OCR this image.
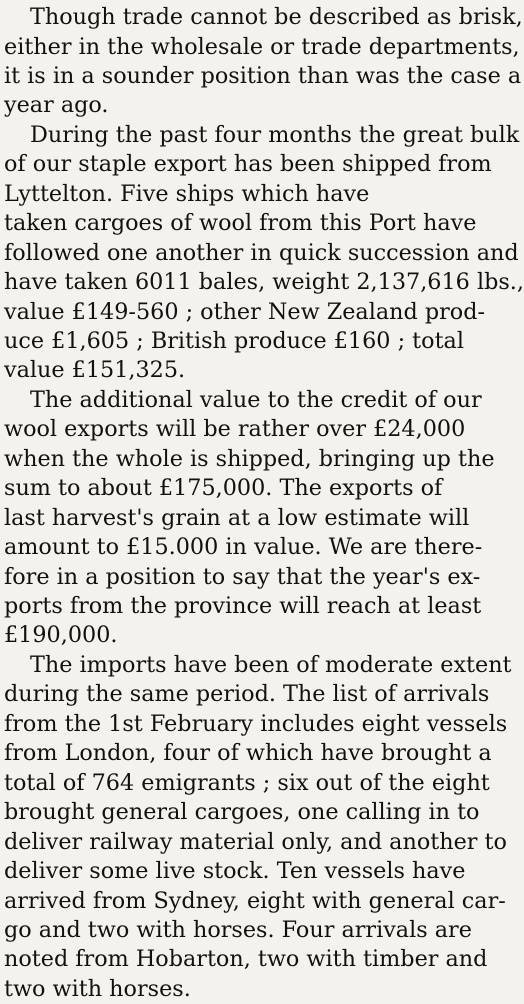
Though trade cannot be described as brisk,
either in the wholesale or trade departments,
it is in a sounder position than was the case a
year ago.
During the past four months the great bulk
of our staple export has been shipped from
Lyttelton. Five ships which have
taken cargoes of wool from this Port have
followed one another in quick succession and
have taken 6011 bales, weight 2,137,616 lbs.,
value £149-560 ; other New Zealand prod-
uce £1,605 ; British produce £160 ; total
value £151,325.
The additional value to the credit of our
wool exports will be rather over £24,000
when the whole is shipped, bringing up the
sum to about £175,000. The exports of
last harvest's grain at a low estimate will
amount to £15.000 in value. We are there-
fore in a position to say that the year's ex-
ports from the province will reach at least
£190,000.
The imports have been of moderate extent
during the same period. The list of arrivals
from the 1st February includes eight vessels
from London, four of which have brought a
total of 764 emigrants ; six out of the eight
brought general cargoes, one calling in to
deliver railway material only, and another to
deliver some live stock. Ten vessels have
arrived from Sydney, eight with general car-
go and two with horses. Four arrivals are
noted from Hobarton, two with timber and
two with horses.
